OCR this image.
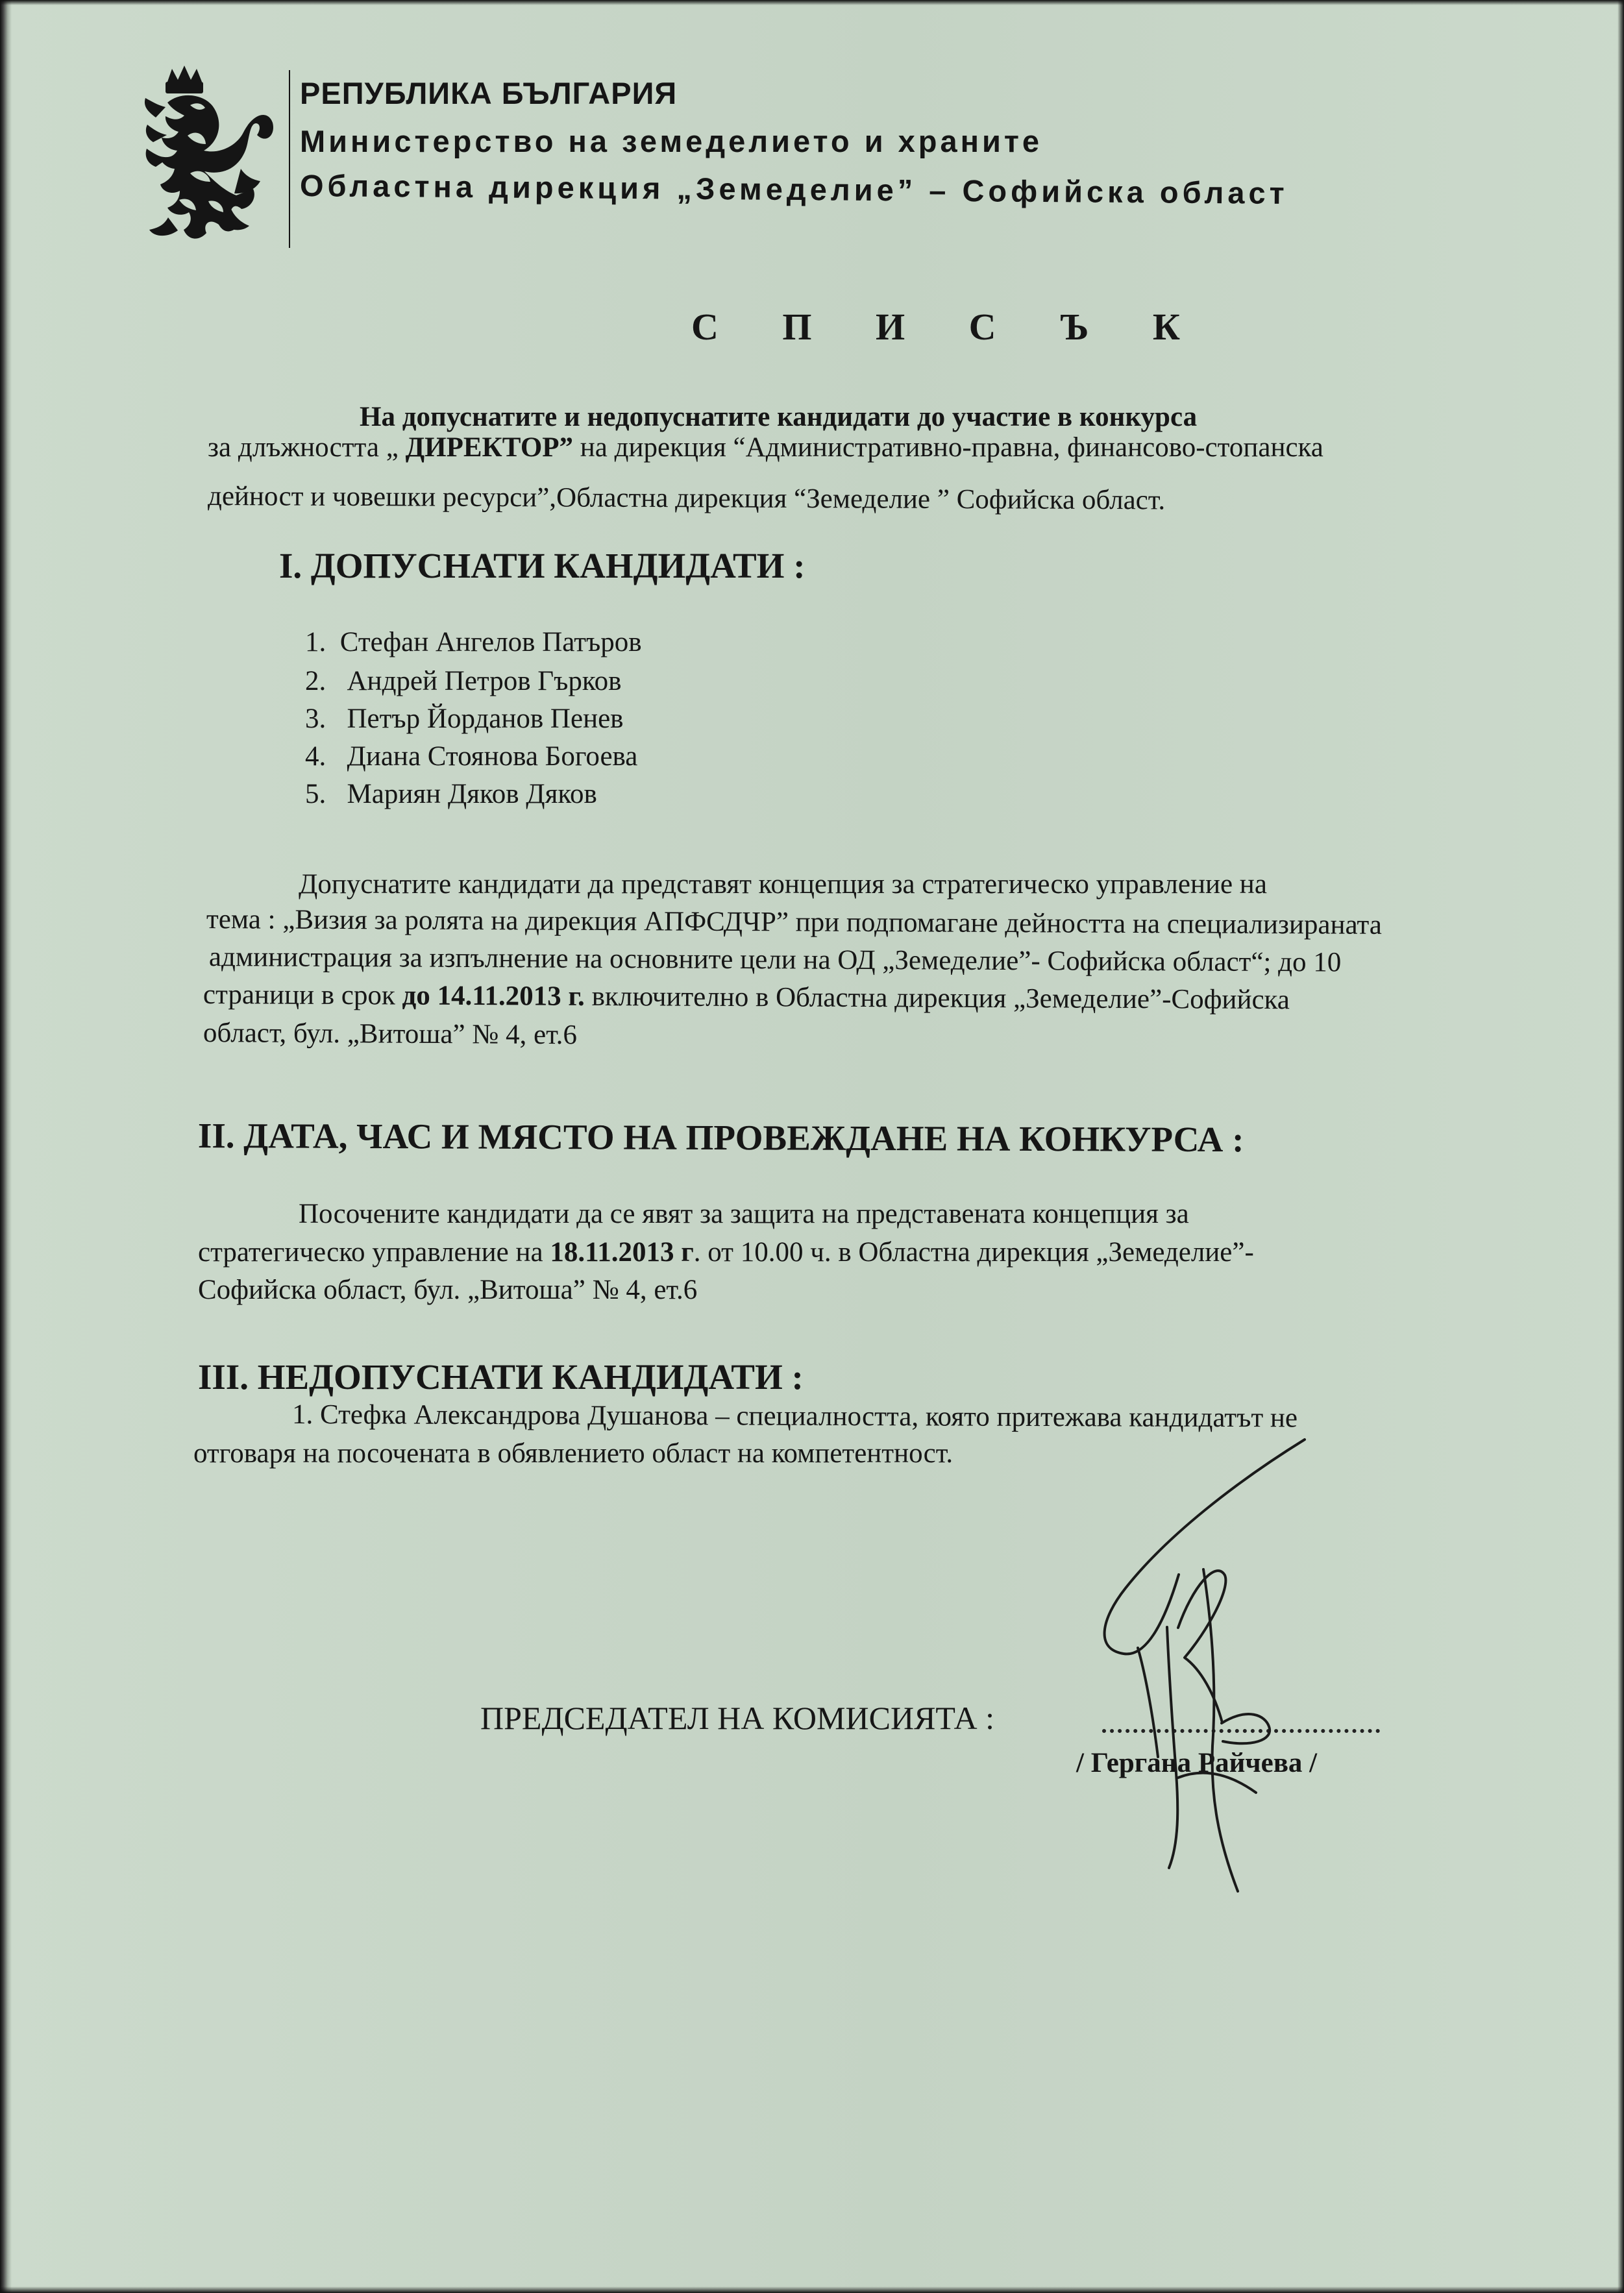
РЕПУБЛИКА БЪЛГАРИЯ
Министерство на земеделието и храните
Областна дирекция „Земеделие” – Софийска област
С П И С Ъ К
На допуснатите и недопуснатите кандидати до участие в конкурса
за длъжността „ ДИРЕКТОР” на дирекция “Административно-правна, финансово-стопанска
дейност и човешки ресурси”,Областна дирекция “Земеделие ” Софийска област.
I. ДОПУСНАТИ КАНДИДАТИ :
1. Стефан Ангелов Патъров
2. Андрей Петров Гърков
3. Петър Йорданов Пенев
4. Диана Стоянова Богоева
5. Мариян Дяков Дяков
Допуснатите кандидати да представят концепция за стратегическо управление на
тема : „Визия за ролята на дирекция АПФСДЧР” при подпомагане дейността на специализираната
администрация за изпълнение на основните цели на ОД „Земеделие”- Софийска област“; до 10
страници в срок до 14.11.2013 г. включително в Областна дирекция „Земеделие”-Софийска
област, бул. „Витоша” № 4, ет.6
II. ДАТА, ЧАС И МЯСТО НА ПРОВЕЖДАНЕ НА КОНКУРСА :
Посочените кандидати да се явят за защита на представената концепция за
стратегическо управление на 18.11.2013 г. от 10.00 ч. в Областна дирекция „Земеделие”-
Софийска област, бул. „Витоша” № 4, ет.6
III. НЕДОПУСНАТИ КАНДИДАТИ :
1. Стефка Александрова Душанова – специалността, която притежава кандидатът не
отговаря на посочената в обявлението област на компетентност.
ПРЕДСЕДАТЕЛ НА КОМИСИЯТА :
/ Гергана Райчева /
